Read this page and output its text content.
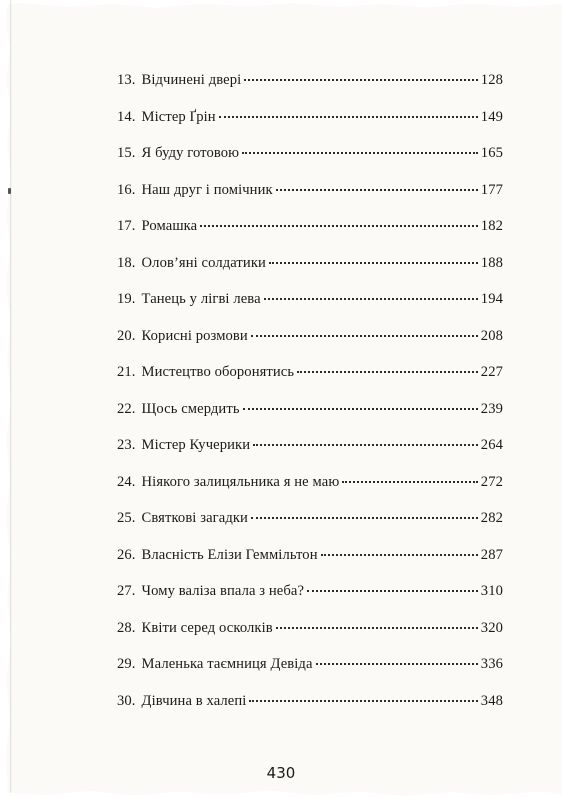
13. Відчинені двері	128
14. Містер Ґрін	149
15. Я буду готовою	165
16. Наш друг і помічник	177
17. Ромашка	182
18. Олов’яні солдатики	188
19. Танець у лігві лева	194
20. Корисні розмови	208
21. Мистецтво оборонятись	227
22. Щось смердить	239
23. Містер Кучерики	264
24. Ніякого залицяльника я не маю	272
25. Святкові загадки	282
26. Власність Елізи Геммільтон	287
27. Чому валіза впала з неба?	310
28. Квіти серед осколків	320
29. Маленька таємниця Девіда	336
30. Дівчина в халепі	348
430
